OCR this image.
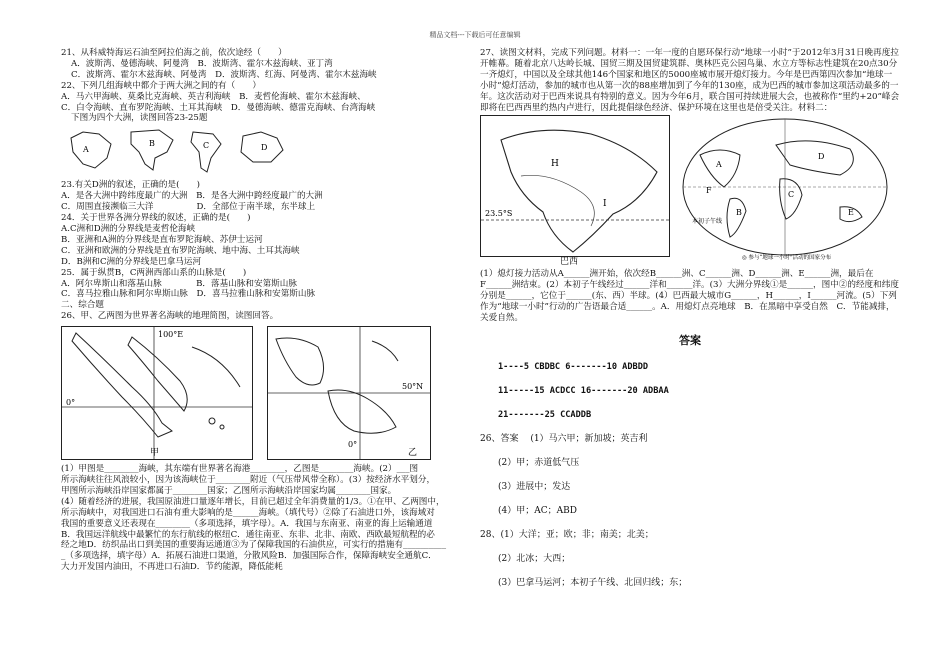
精品文档---下载后可任意编辑

21、从科威特海运石油至阿拉伯海之前，依次途经（　　）

A．波斯湾、曼德海峡、阿曼湾　B．波斯湾、霍尔木兹海峡、亚丁湾

C．波斯湾、霍尔木兹海峡、阿曼湾　D．波斯湾、红海、阿曼湾、霍尔木兹海峡

22、下列几组海峡中都介于两大洲之间的有（　　）

A．马六甲海峡、莫桑比克海峡、英吉利海峡　B．麦哲伦海峡、霍尔木兹海峡、

C．白令海峡、直布罗陀海峡、土耳其海峡　D．曼德海峡、德雷克海峡、台湾海峡

下图为四个大洲，读图回答23-25题

A
B	C	D

23.有关D洲的叙述，正确的是(　　)

A．是各大洲中跨纬度最广的大洲　B．是各大洲中跨经度最广的大洲

C．周围直接濒临三大洋　　　　　D．全部位于南半球，东半球上

24．关于世界各洲分界线的叙述，正确的是(　　)

A.C洲和D洲的分界线是麦哲伦海峡

B．亚洲和A洲的分界线是直布罗陀海峡、苏伊士运河

C．亚洲和欧洲的分界线是直布罗陀海峡、地中海、土耳其海峡

D．B洲和C洲的分界线是巴拿马运河

25．属于纵贯B，C两洲西部山系的山脉是(　　)

A．阿尔卑斯山和落基山脉　　　　B．落基山脉和安第斯山脉

C．喜马拉雅山脉和阿尔卑斯山脉　D．喜马拉雅山脉和安第斯山脉

二、综合题

26、甲、乙两图为世界著名海峡的地理简图，读图回答。

100°E
0°
甲
50°N
0°
乙

(1）甲图是________海峡，其东端有世界著名海港________，乙图是________海峡。(2）___图

所示海峡往往风浪较小，因为该海峡位于________附近（气压带风带全称）。(3）按经济水平划分，

甲图所示海峡沿岸国家都属于________国家；乙图所示海峡沿岸国家均属________国家。

(4）随着经济的进展，我国原油进口量逐年增长，目前已超过全年消费量的1/3。①在甲、乙两图中，

所示海峡中，对我国进口石油有重大影响的是______海峡。（填代号）②除了石油进口外，该海域对

我国的重要意义还表现在________（多项选择，填字母）。A．我国与东南亚、南亚的海上运输通道

B．我国远洋航线中最繁忙的东行航线的枢纽C．通往南亚、东非、北非、南欧、西欧最短航程的必

经之地D．纺织品出口到美国的重要海运通道③为了保障我国的石油供应，可实行的措施有__________

_（多项选择，填字母）A．拓展石油进口渠道，分散风险B．加强国际合作，保障海峡安全通航C．

大力开发国内油田，不再进口石油D．节约能源，降低能耗

27、读图文材料，完成下列问题。材料一：一年一度的自愿环保行动“地球一小时”于2012年3月31日晚再度拉开帷幕。随着北京八达岭长城、国贸三期及国贸建筑群、奥林匹克公园鸟巢、水立方等标志性建筑在20点30分一齐熄灯，中国以及全球其他146个国家和地区的5000座城市展开熄灯接力。今年是巴西第四次参加“地球一小时”熄灯活动，参加的城市也从第一次的88座增加到了今年的130座，成为巴西的城市参加这项活动最多的一年。这次活动对于巴西来说具有特别的意义。因为今年6月，联合国可持续进展大会，也被称作“里约+20”峰会即将在巴西西里约热内卢进行，因此提倡绿色经济、保护环境在这里也是倍受关注。材料二：

H
I
23.5°S
巴西
A
B
C
D
E
F
本初子午线
◎ 参与“地球一小时”活动的国家分布

(1）熄灯接力活动从A______洲开始，依次经B______洲、C______洲、D______洲、E______洲，最后在F______洲结束。(2）本初子午线经过______洋和______洋。(3）大洲分界线①是______，图中②的经度和纬度分别是______，它位于______(东、西）半球。(4）巴西最大城市G______，H______，I______河流。(5）下列作为“地球一小时”行动的广告语最合适______。A．用熄灯点亮地球　B．在黑暗中享受自然　C．节能减排，关爱自然。

答案

1----5 CBDBC 6-------10 ADBDD

11-----15 ACDCC 16-------20 ADBAA

21-------25 CCADDB

26、答案　 (1）马六甲；新加坡；英吉利

(2）甲；赤道低气压

(3）进展中；发达

(4）甲；AC；ABD

28、(1）大洋；亚；欧；非；南美；北美；

(2）北冰；大西；

(3）巴拿马运河；本初子午线、北回归线；东；
